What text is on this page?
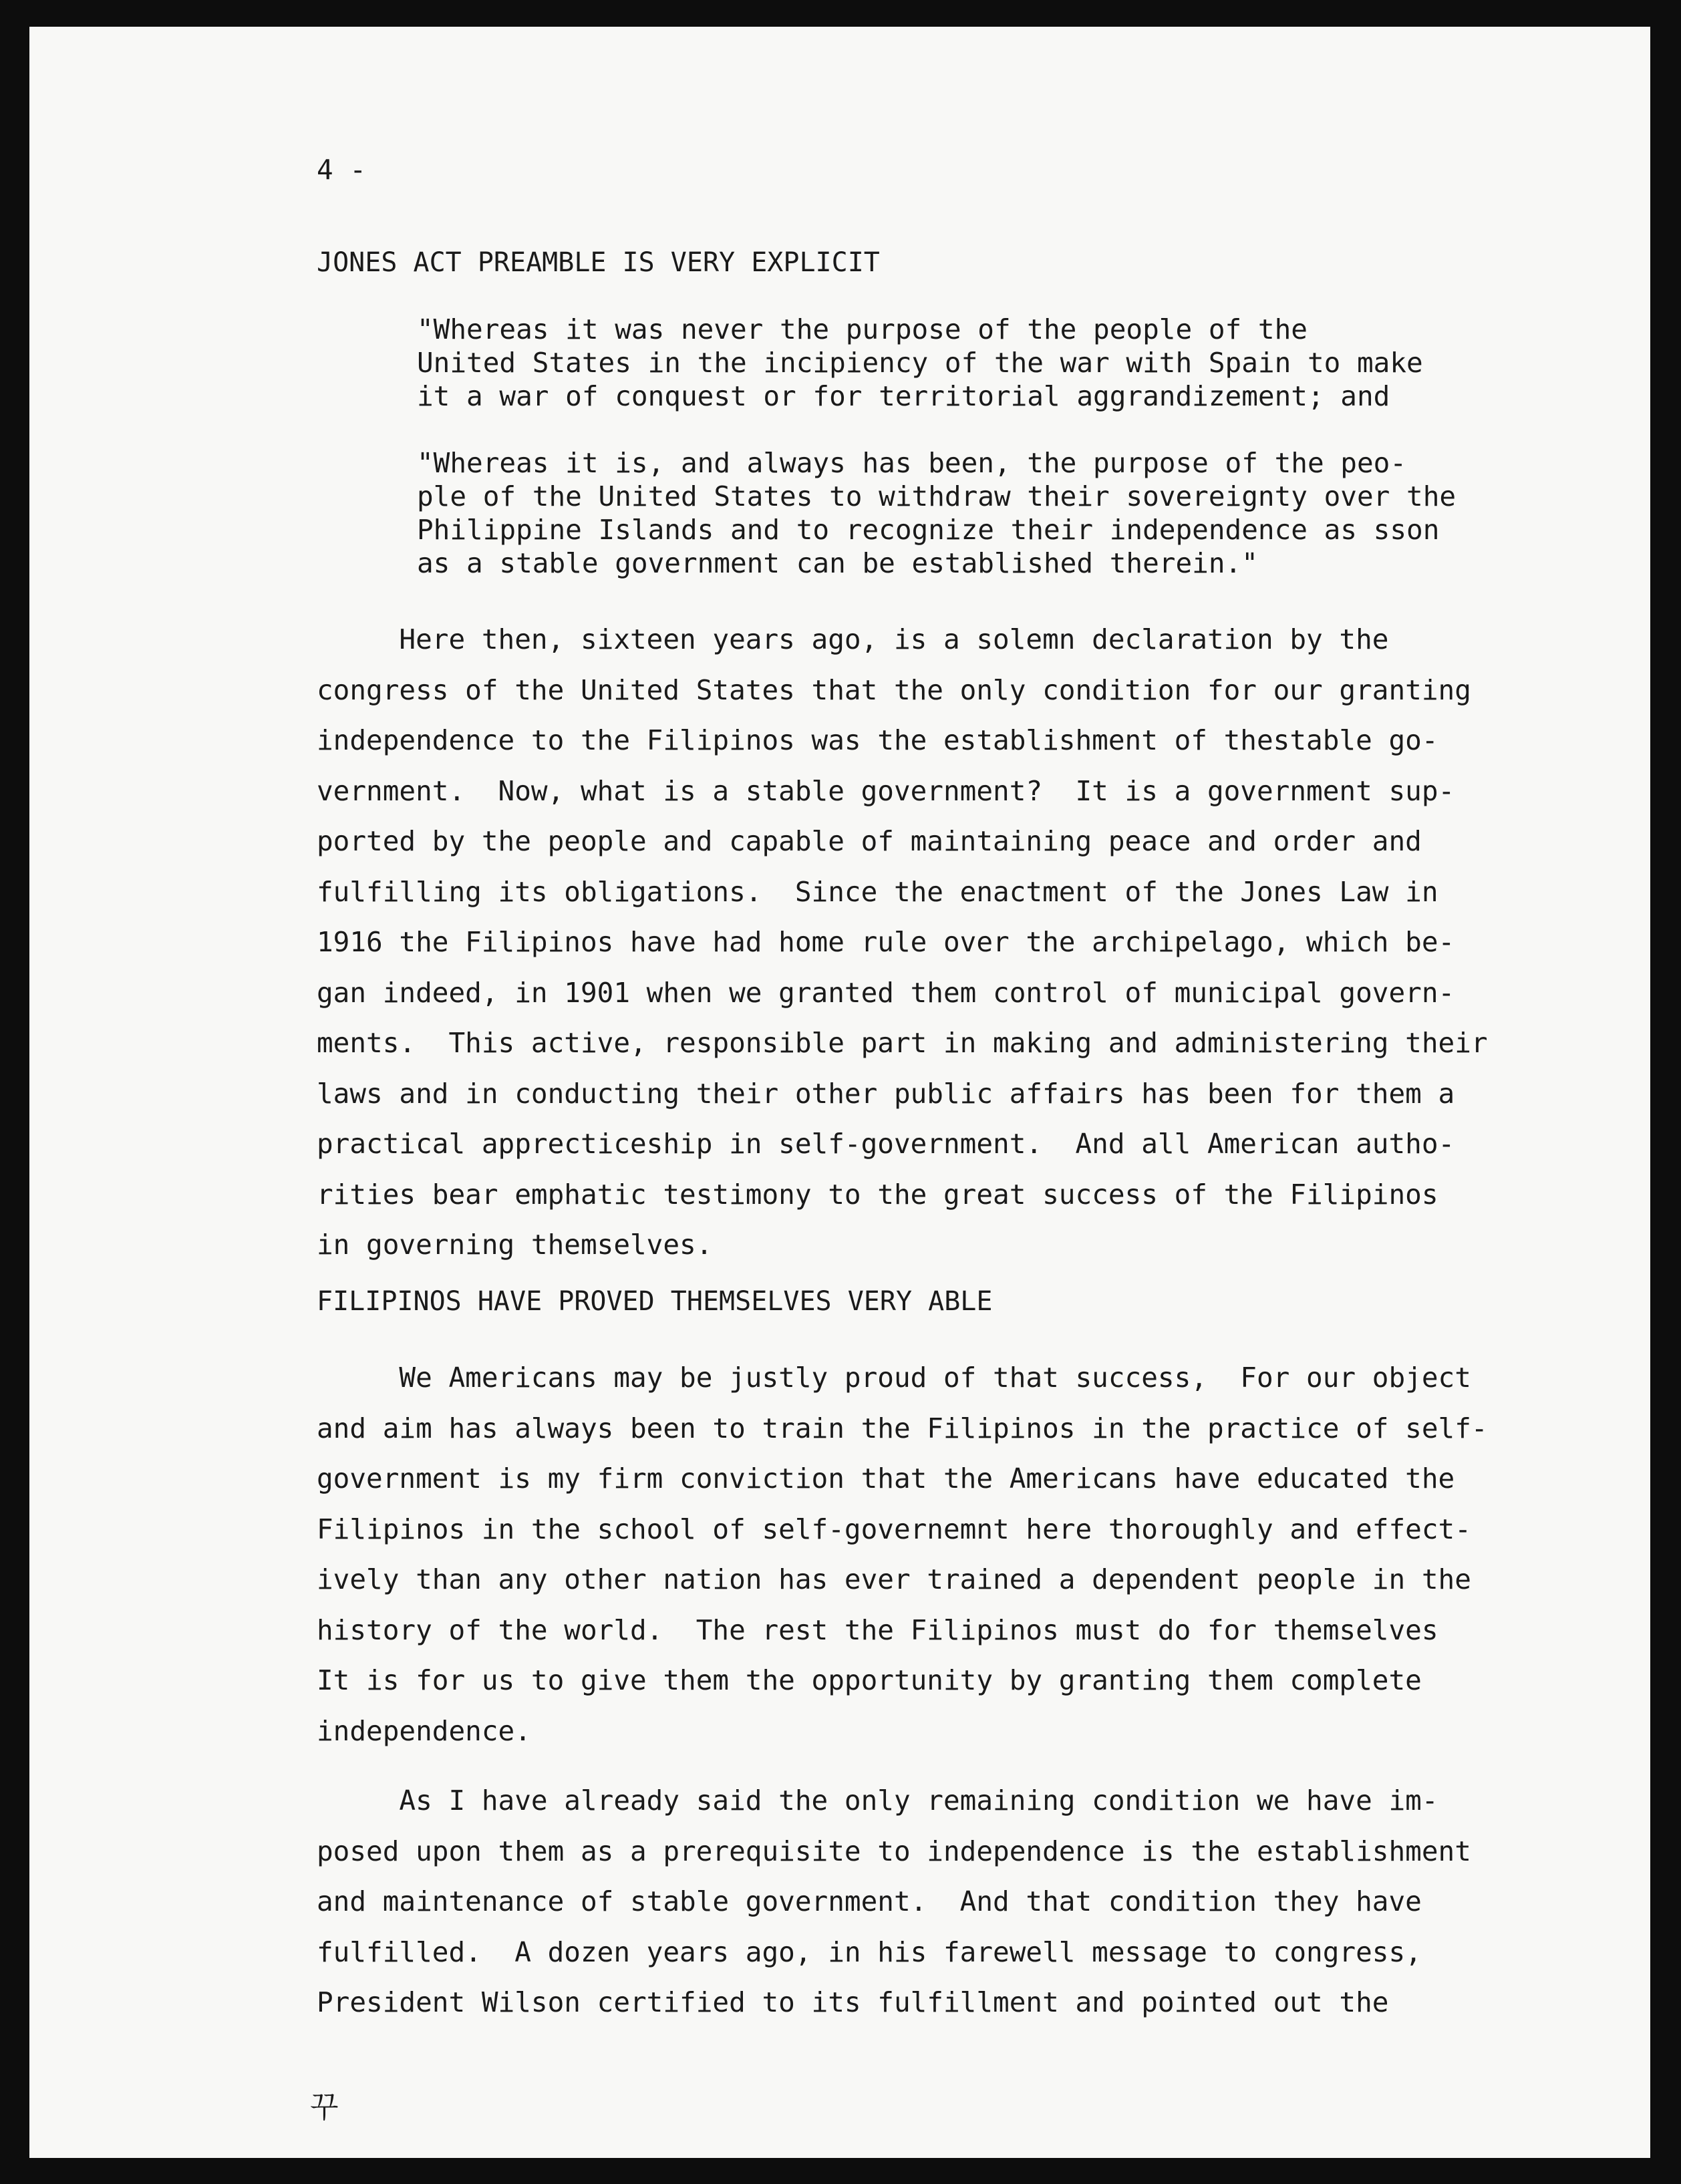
4 -

JONES ACT PREAMBLE IS VERY EXPLICIT

"Whereas it was never the purpose of the people of the
United States in the incipiency of the war with Spain to make
it a war of conquest or for territorial aggrandizement; and
"Whereas it is, and always has been, the purpose of the peo-
ple of the United States to withdraw their sovereignty over the
Philippine Islands and to recognize their independence as sson
as a stable government can be established therein."
Here then, sixteen years ago, is a solemn declaration by the
congress of the United States that the only condition for our granting
independence to the Filipinos was the establishment of thestable go-
vernment.  Now, what is a stable government?  It is a government sup-
ported by the people and capable of maintaining peace and order and
fulfilling its obligations.  Since the enactment of the Jones Law in
1916 the Filipinos have had home rule over the archipelago, which be-
gan indeed, in 1901 when we granted them control of municipal govern-
ments.  This active, responsible part in making and administering their
laws and in conducting their other public affairs has been for them a
practical apprecticeship in self-government.  And all American autho-
rities bear emphatic testimony to the great success of the Filipinos
in governing themselves.

FILIPINOS HAVE PROVED THEMSELVES VERY ABLE

We Americans may be justly proud of that success,  For our object
and aim has always been to train the Filipinos in the practice of self-
government is my firm conviction that the Americans have educated the
Filipinos in the school of self-governemnt here thoroughly and effect-
ively than any other nation has ever trained a dependent people in the
history of the world.  The rest the Filipinos must do for themselves
It is for us to give them the opportunity by granting them complete
independence.
As I have already said the only remaining condition we have im-
posed upon them as a prerequisite to independence is the establishment
and maintenance of stable government.  And that condition they have
fulfilled.  A dozen years ago, in his farewell message to congress,
President Wilson certified to its fulfillment and pointed out the
꾸
